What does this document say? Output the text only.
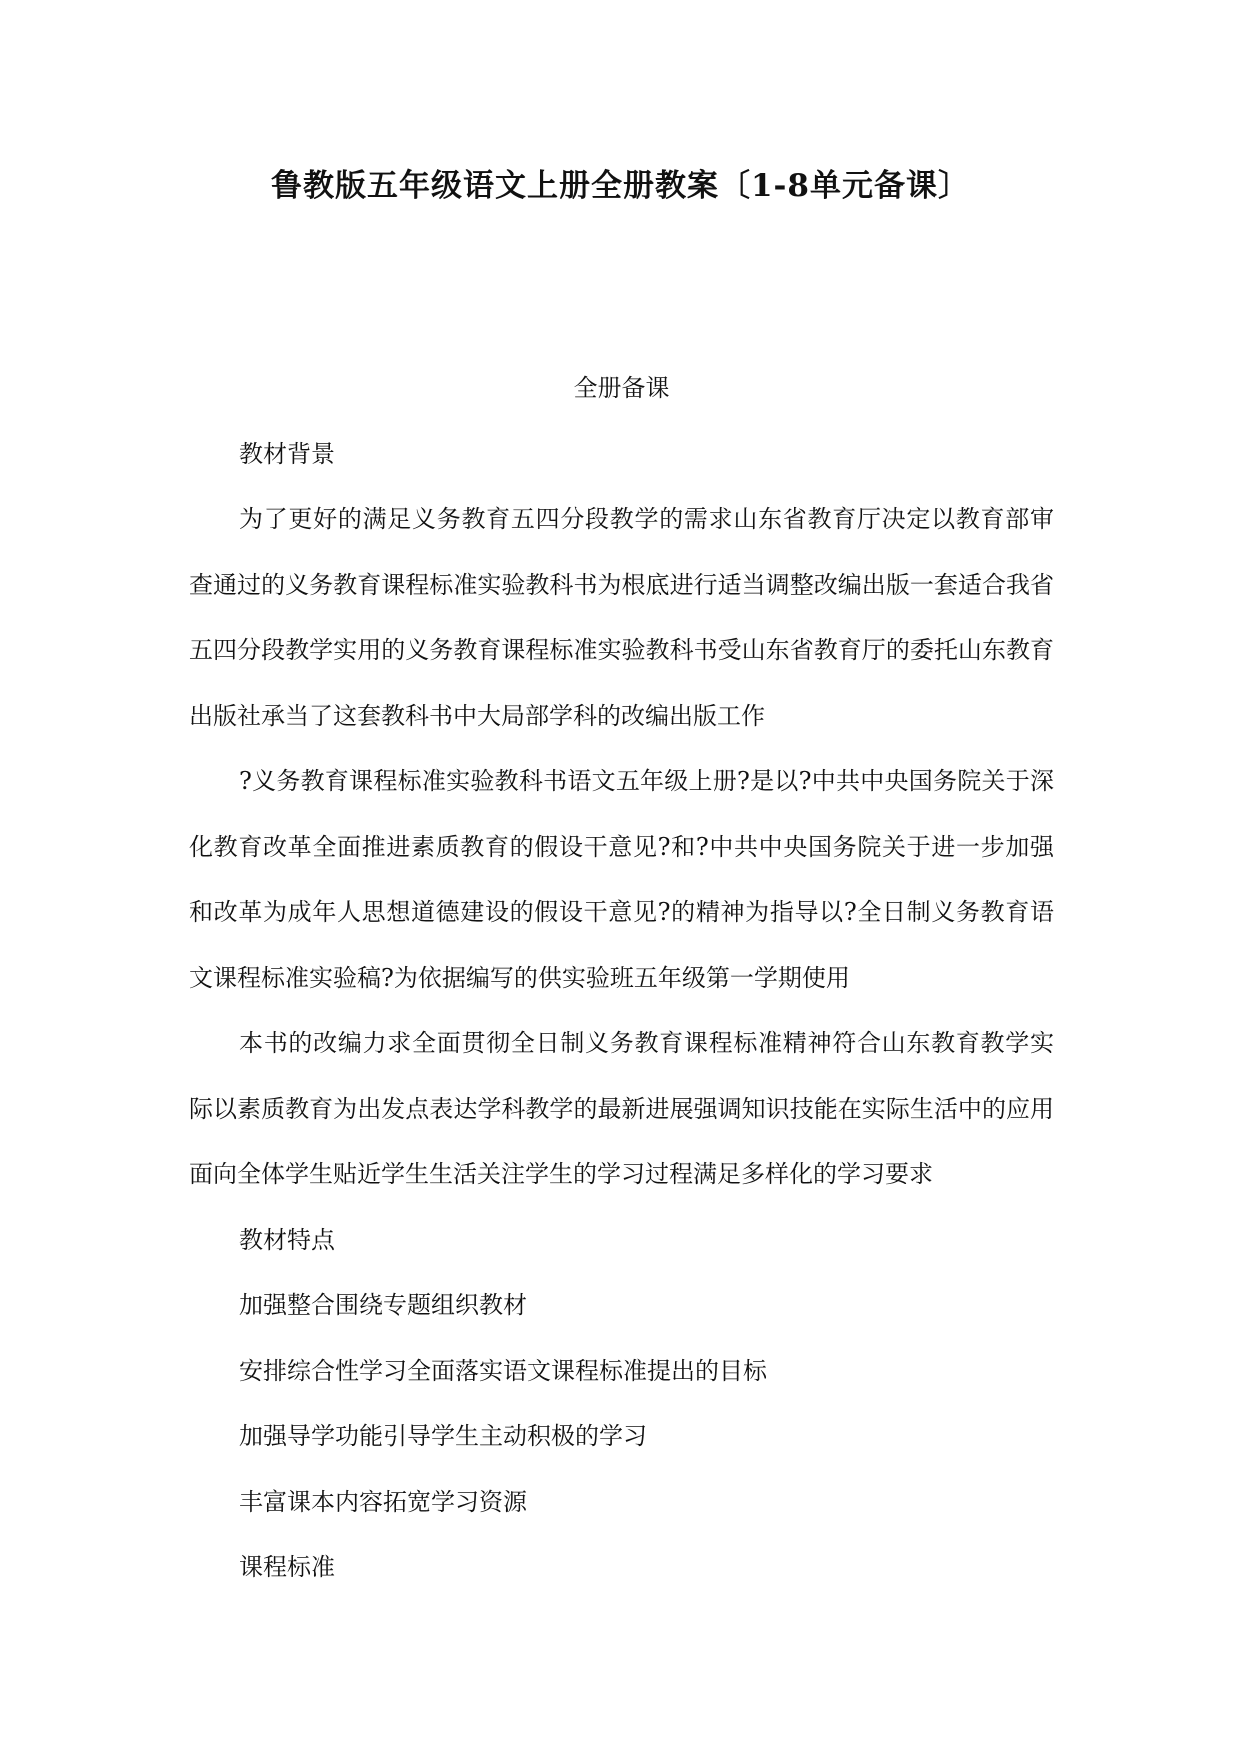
鲁教版五年级语文上册全册教案〔1-8单元备课〕

全册备课

教材背景

为了更好的满足义务教育五四分段教学的需求山东省教育厅决定以教育部审查通过的义务教育课程标准实验教科书为根底进行适当调整改编出版一套适合我省五四分段教学实用的义务教育课程标准实验教科书受山东省教育厅的委托山东教育出版社承当了这套教科书中大局部学科的改编出版工作

?义务教育课程标准实验教科书语文五年级上册?是以?中共中央国务院关于深化教育改革全面推进素质教育的假设干意见?和?中共中央国务院关于进一步加强和改革为成年人思想道德建设的假设干意见?的精神为指导以?全日制义务教育语文课程标准实验稿?为依据编写的供实验班五年级第一学期使用

本书的改编力求全面贯彻全日制义务教育课程标准精神符合山东教育教学实际以素质教育为出发点表达学科教学的最新进展强调知识技能在实际生活中的应用面向全体学生贴近学生生活关注学生的学习过程满足多样化的学习要求

教材特点

加强整合围绕专题组织教材

安排综合性学习全面落实语文课程标准提出的目标

加强导学功能引导学生主动积极的学习

丰富课本内容拓宽学习资源

课程标准
